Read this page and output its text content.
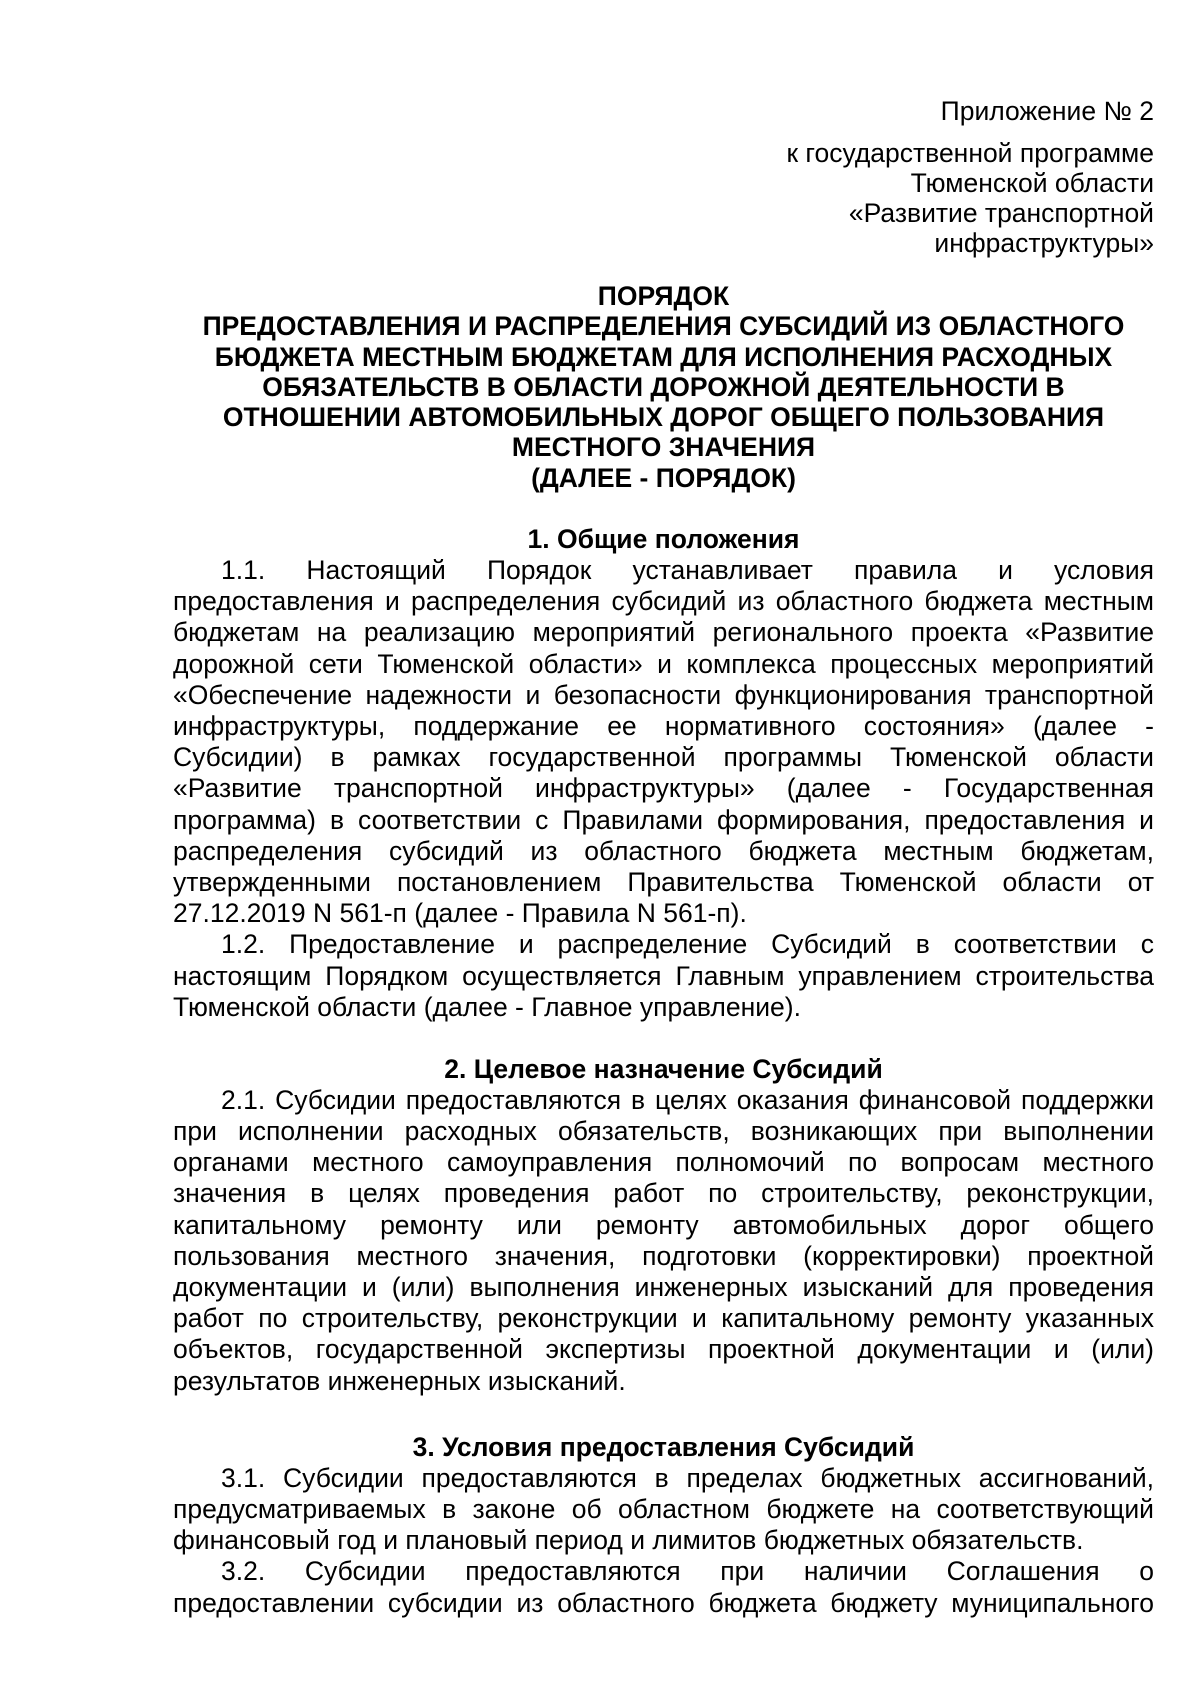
Приложение № 2
к государственной программе
Тюменской области
«Развитие транспортной
инфраструктуры»
ПОРЯДОК
ПРЕДОСТАВЛЕНИЯ И РАСПРЕДЕЛЕНИЯ СУБСИДИЙ ИЗ ОБЛАСТНОГО
БЮДЖЕТА МЕСТНЫМ БЮДЖЕТАМ ДЛЯ ИСПОЛНЕНИЯ РАСХОДНЫХ
ОБЯЗАТЕЛЬСТВ В ОБЛАСТИ ДОРОЖНОЙ ДЕЯТЕЛЬНОСТИ В
ОТНОШЕНИИ АВТОМОБИЛЬНЫХ ДОРОГ ОБЩЕГО ПОЛЬЗОВАНИЯ
МЕСТНОГО ЗНАЧЕНИЯ
(ДАЛЕЕ - ПОРЯДОК)
1. Общие положения
1.1. Настоящий Порядок устанавливает правила и условия
предоставления и распределения субсидий из областного бюджета местным
бюджетам на реализацию мероприятий регионального проекта «Развитие
дорожной сети Тюменской области» и комплекса процессных мероприятий
«Обеспечение надежности и безопасности функционирования транспортной
инфраструктуры, поддержание ее нормативного состояния» (далее -
Субсидии) в рамках государственной программы Тюменской области
«Развитие транспортной инфраструктуры» (далее - Государственная
программа) в соответствии с Правилами формирования, предоставления и
распределения субсидий из областного бюджета местным бюджетам,
утвержденными постановлением Правительства Тюменской области от
27.12.2019 N 561-п (далее - Правила N 561-п).
1.2. Предоставление и распределение Субсидий в соответствии с
настоящим Порядком осуществляется Главным управлением строительства
Тюменской области (далее - Главное управление).
2. Целевое назначение Субсидий
2.1. Субсидии предоставляются в целях оказания финансовой поддержки
при исполнении расходных обязательств, возникающих при выполнении
органами местного самоуправления полномочий по вопросам местного
значения в целях проведения работ по строительству, реконструкции,
капитальному ремонту или ремонту автомобильных дорог общего
пользования местного значения, подготовки (корректировки) проектной
документации и (или) выполнения инженерных изысканий для проведения
работ по строительству, реконструкции и капитальному ремонту указанных
объектов, государственной экспертизы проектной документации и (или)
результатов инженерных изысканий.
3. Условия предоставления Субсидий
3.1. Субсидии предоставляются в пределах бюджетных ассигнований,
предусматриваемых в законе об областном бюджете на соответствующий
финансовый год и плановый период и лимитов бюджетных обязательств.
3.2. Субсидии предоставляются при наличии Соглашения о
предоставлении субсидии из областного бюджета бюджету муниципального
